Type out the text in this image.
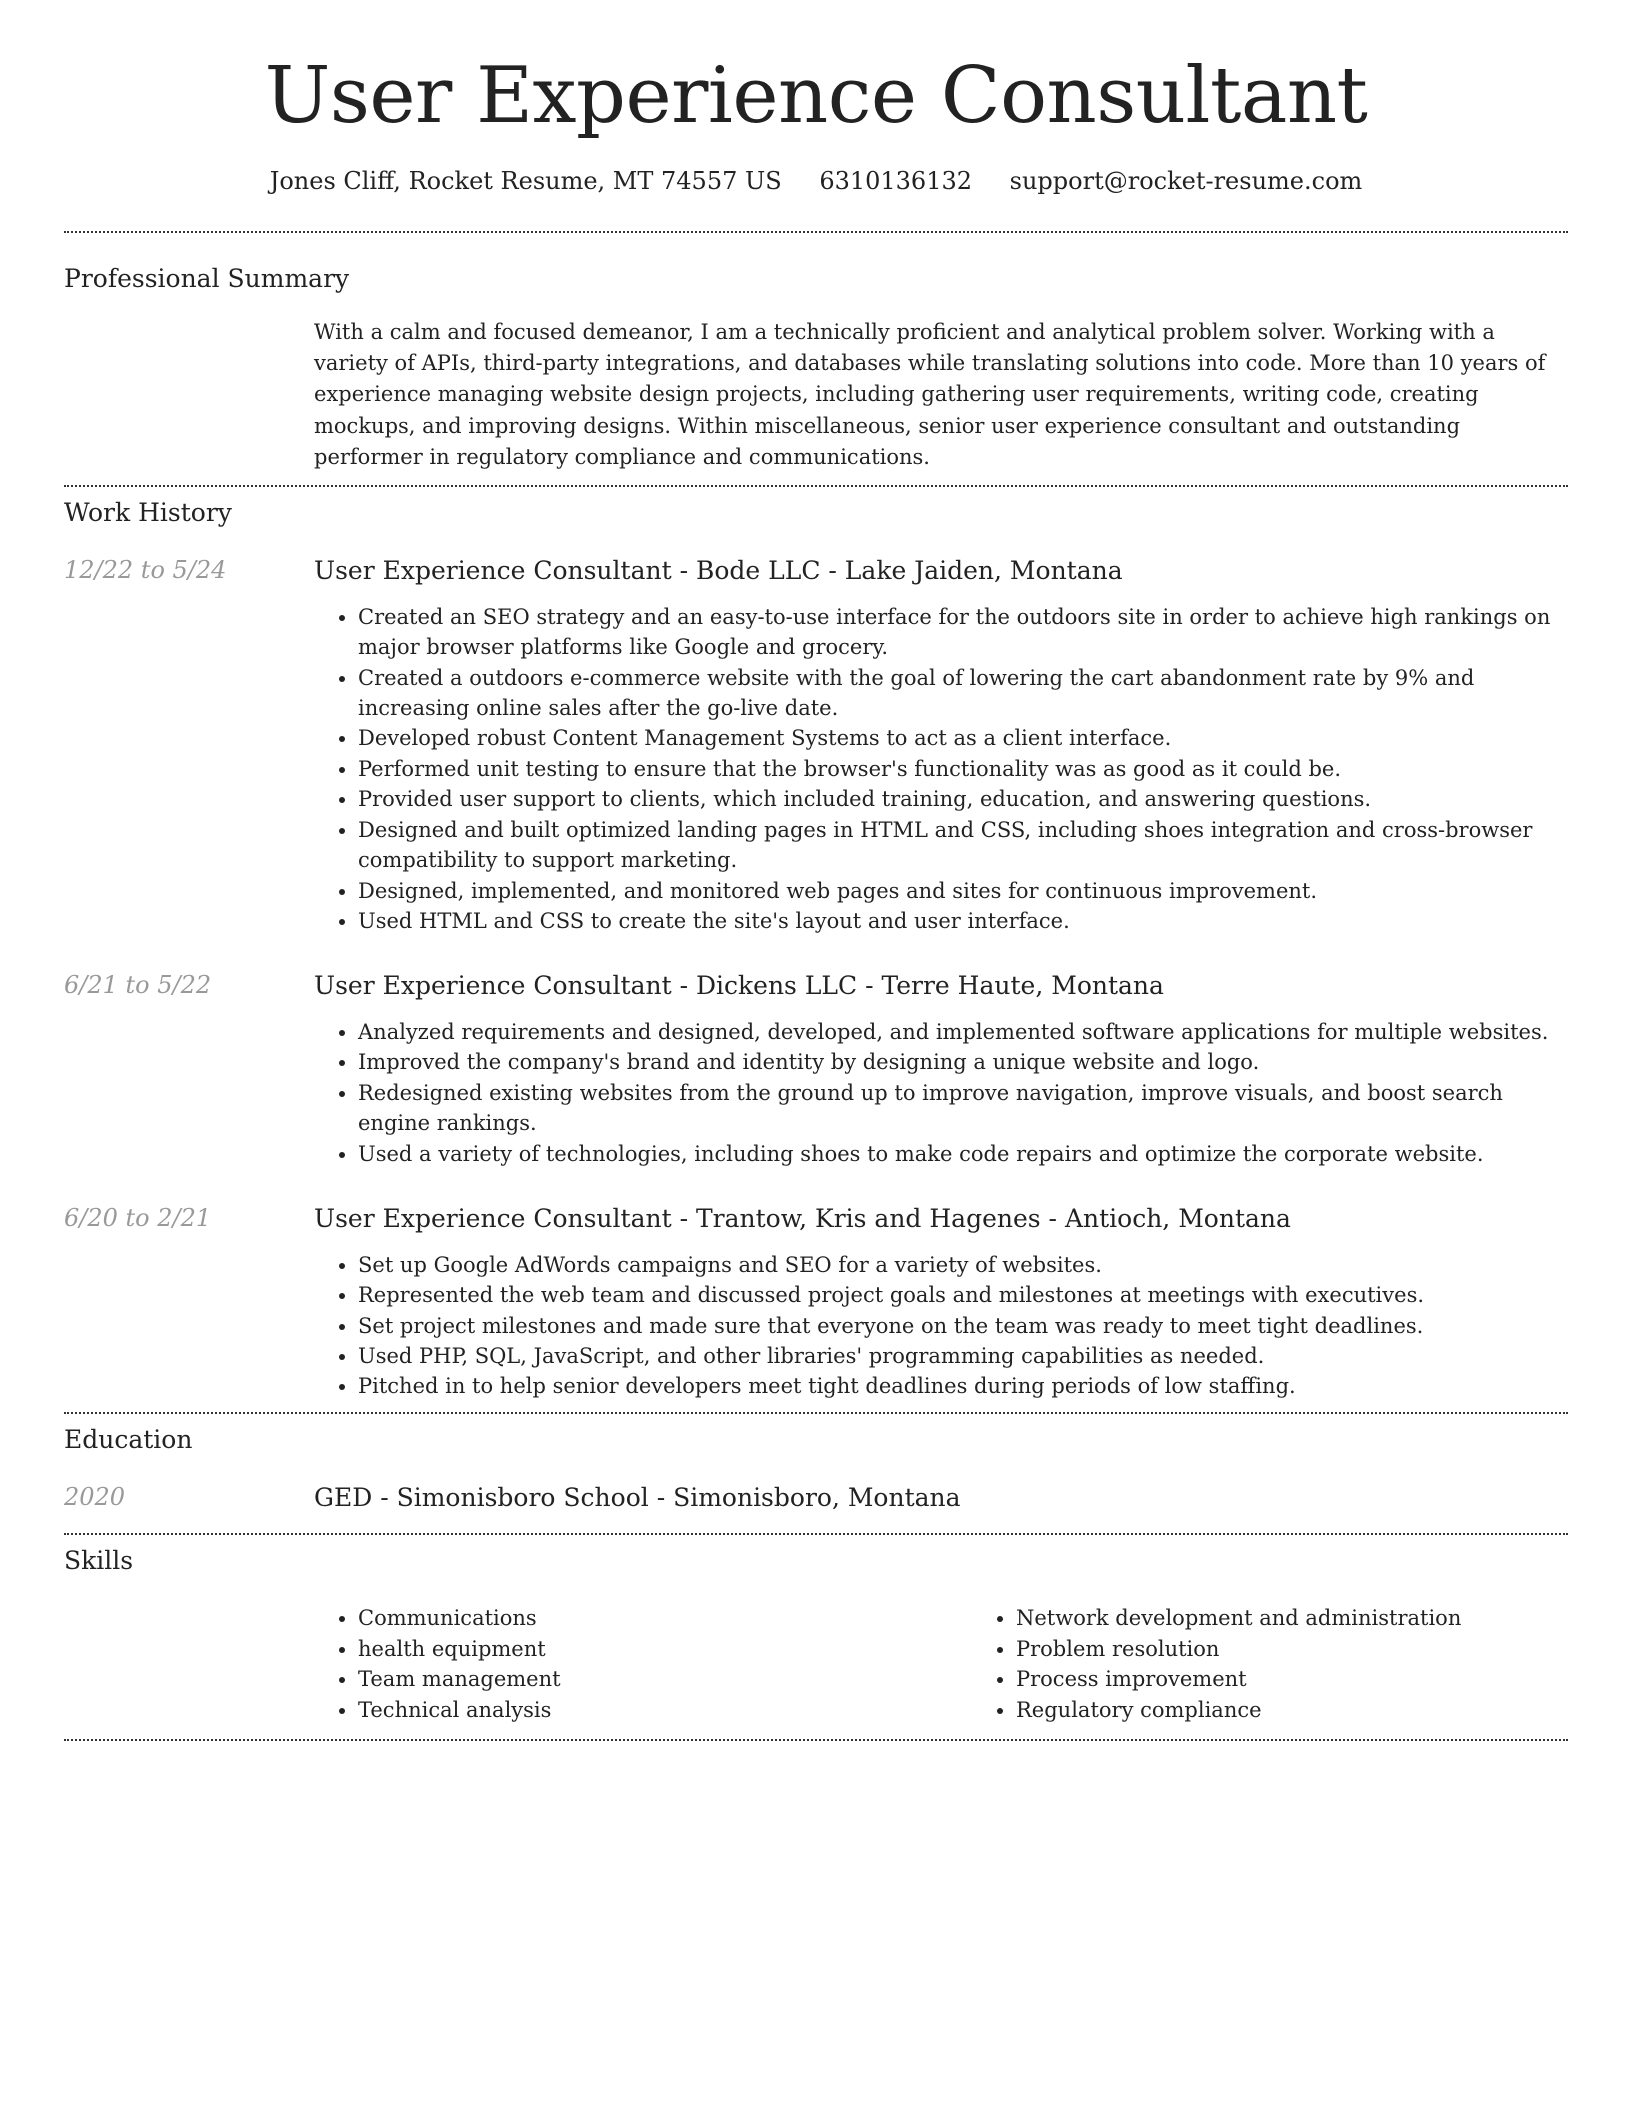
User Experience Consultant
Jones Cliff, Rocket Resume, MT 74557 US 6310136132 support@rocket-resume.com
Professional Summary

With a calm and focused demeanor, I am a technically proficient and analytical problem solver. Working with a variety of APIs, third-party integrations, and databases while translating solutions into code. More than 10 years of experience managing website design projects, including gathering user requirements, writing code, creating mockups, and improving designs. Within miscellaneous, senior user experience consultant and outstanding performer in regulatory compliance and communications.

Work History
12/22 to 5/24	User Experience Consultant - Bode LLC - Lake Jaiden, Montana
• Created an SEO strategy and an easy-to-use interface for the outdoors site in order to achieve high rankings on major browser platforms like Google and grocery.
• Created a outdoors e-commerce website with the goal of lowering the cart abandonment rate by 9% and increasing online sales after the go-live date.
• Developed robust Content Management Systems to act as a client interface.
• Performed unit testing to ensure that the browser's functionality was as good as it could be.
• Provided user support to clients, which included training, education, and answering questions.
• Designed and built optimized landing pages in HTML and CSS, including shoes integration and cross-browser compatibility to support marketing.
• Designed, implemented, and monitored web pages and sites for continuous improvement.
• Used HTML and CSS to create the site's layout and user interface.
6/21 to 5/22	User Experience Consultant - Dickens LLC - Terre Haute, Montana
• Analyzed requirements and designed, developed, and implemented software applications for multiple websites.
• Improved the company's brand and identity by designing a unique website and logo.
• Redesigned existing websites from the ground up to improve navigation, improve visuals, and boost search engine rankings.
• Used a variety of technologies, including shoes to make code repairs and optimize the corporate website.
6/20 to 2/21	User Experience Consultant - Trantow, Kris and Hagenes - Antioch, Montana
• Set up Google AdWords campaigns and SEO for a variety of websites.
• Represented the web team and discussed project goals and milestones at meetings with executives.
• Set project milestones and made sure that everyone on the team was ready to meet tight deadlines.
• Used PHP, SQL, JavaScript, and other libraries' programming capabilities as needed.
• Pitched in to help senior developers meet tight deadlines during periods of low staffing.
Education
2020	GED - Simonisboro School - Simonisboro, Montana
Skills
• Communications
• health equipment
• Team management
• Technical analysis
• Network development and administration
• Problem resolution
• Process improvement
• Regulatory compliance
